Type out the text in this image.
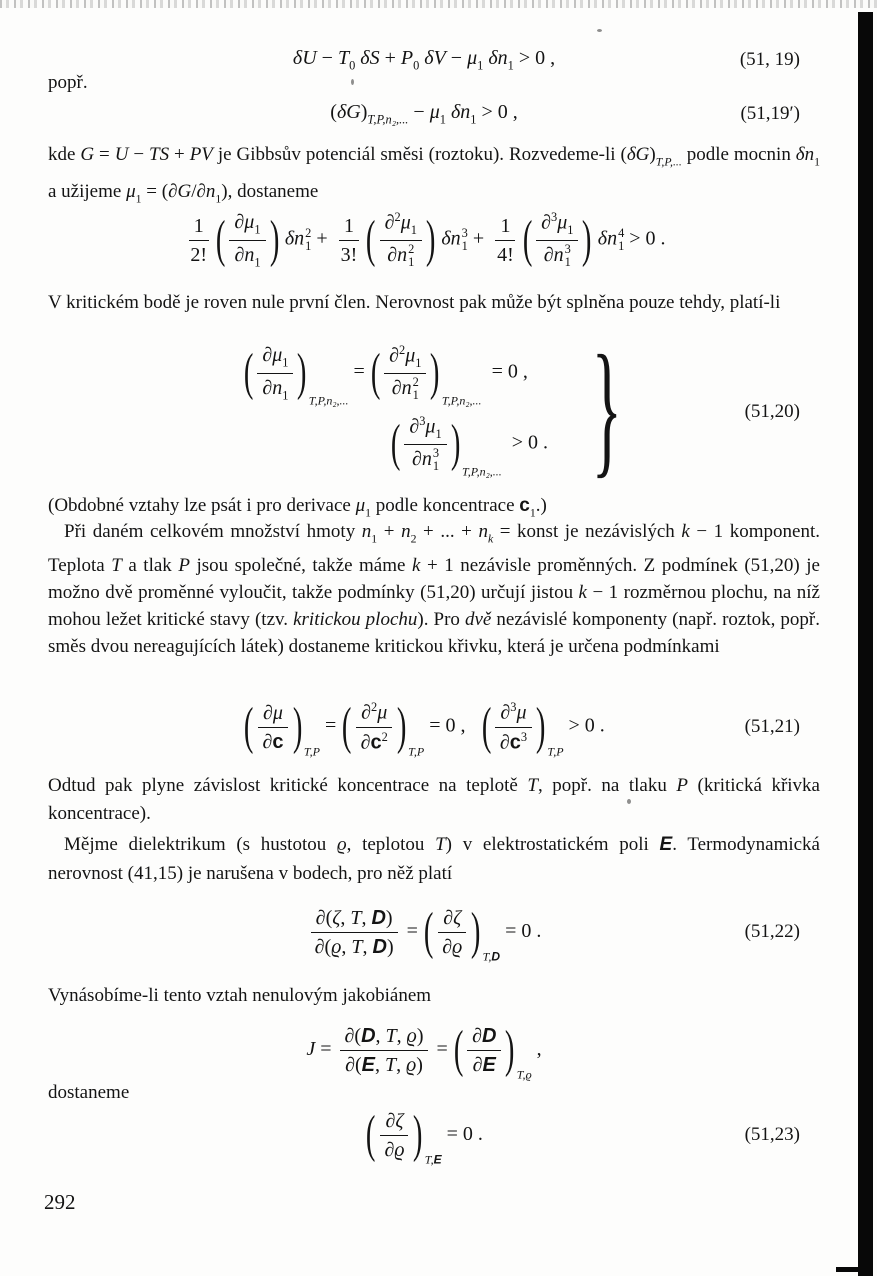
$\delta U - T_0$ $\delta S + P_0$ $\delta V - \mu_1$ $\delta n_1 > 0$ ,	(51, 19)
popř.
$(\delta G)_{T,P,n_2,...} - \mu_1$ $\delta n_1 > 0$ ,	(51,19′)
kde G = U − TS + PV je Gibbsův potenciál směsi (roztoku). Rozvedeme-li $(\delta G)_{T,P,...}$ podle mocnin $\delta n_1$ a užijeme $\mu_1 = (\partial G/\partial n_1)$, dostaneme
$\frac{1}{2!}$ ( $\frac{\partial\mu_1}{\partial n_1}$ ) δn 2
$1 + \frac{1}{3!}$ ( $\partial^2\mu_1$
∂n 2
1 ) δn 3
$1 + \frac{1}{4!}$ ( $\partial^3\mu_1$
∂n 3
1 ) δn 4
1 > 0 .
V kritickém bodě je roven nule první člen. Nerovnost pak může být splněna pouze tehdy, platí-li
( $\frac{\partial\mu_1}{\partial n_1}$ ) T,P,n₂,...
= ( $\partial^2\mu_1$
∂n 2
1 ) T,P,n₂,...
= 0 ,
( $\partial^3\mu_1$
∂n 3
1 ) T,P,n₂,...
> 0 . }	(51,20)
(Obdobné vztahy lze psát i pro derivace $\mu_1$ podle koncentrace $c_1$.)
Při daném celkovém množství hmoty $n_1 + n_2$ + ... + $n_k$ = konst je nezávislých k − 1 komponent. Teplota T a tlak P jsou společné, takže máme k + 1 nezávisle proměnných. Z podmínek (51,20) je možno dvě proměnné vyloučit, takže podmínky (51,20) určují jistou k − 1 rozměrnou plochu, na níž mohou ležet kritické stavy (tzv. kritickou plochu). Pro dvě nezávislé komponenty (např. roztok, popř. směs dvou nereagujících látek) dostaneme kritickou křivku, která je určena podmínkami
( $\frac{\partial\mu}{\partial c}$ ) T,P
= ( $\frac{\partial^2\mu}{\partial c^2}$ ) T,P
= 0 , ( $\frac{\partial^3\mu}{\partial c^3}$ ) T,P
> 0 .	(51,21)
Odtud pak plyne závislost kritické koncentrace na teplotě T, popř. na tlaku P (kritická křivka koncentrace).
Mějme dielektrikum (s hustotou ϱ, teplotou T) v elektrostatickém poli E. Termodynamická nerovnost (41,15) je narušena v bodech, pro něž platí
$\frac{\partial(\zeta, T, D)}{\partial(ϱ, T, D)}$ = ( $\frac{\partial\zeta}{\partial ϱ}$ ) T,D
= 0 .	(51,22)
Vynásobíme-li tento vztah nenulovým jakobiánem
$J = \frac{\partial(D, T, ϱ)}{\partial(E, T, ϱ)}$ = ( $\frac{\partial D}{\partial E}$ ) T,ϱ
,
dostaneme
( $\frac{\partial\zeta}{\partial ϱ}$ ) T,E
= 0 .	(51,23)
292
